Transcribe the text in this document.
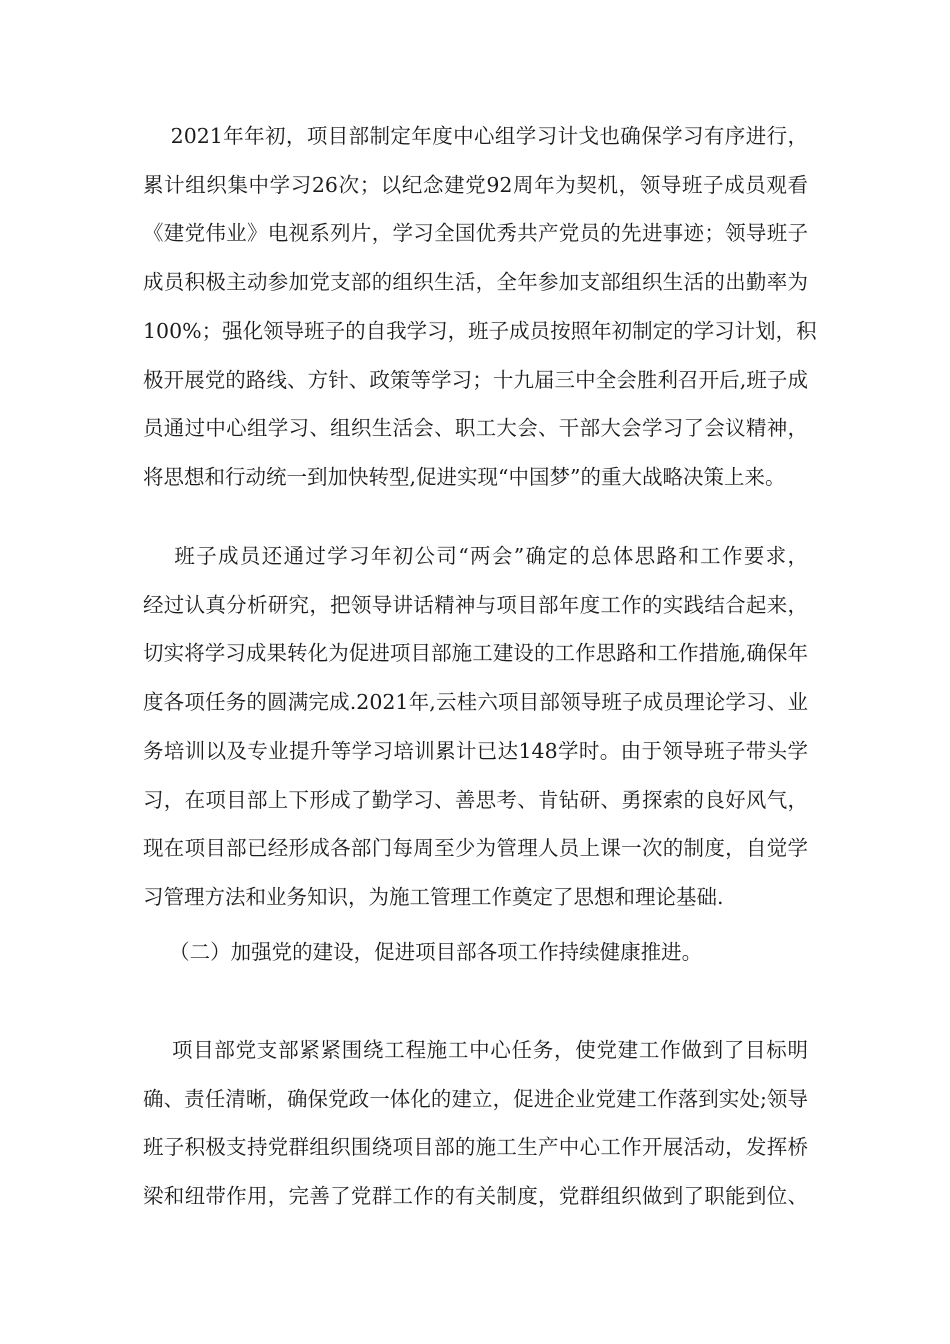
2021年年初，项目部制定年度中心组学习计戈也确保学习有序进行，
累计组织集中学习26次；以纪念建党92周年为契机，领导班子成员观看
《建党伟业》电视系列片，学习全国优秀共产党员的先进事迹；领导班子
成员积极主动参加党支部的组织生活，全年参加支部组织生活的出勤率为
100%；强化领导班子的自我学习，班子成员按照年初制定的学习计划，积
极开展党的路线、方针、政策等学习；十九届三中全会胜利召开后,班子成
员通过中心组学习、组织生活会、职工大会、干部大会学习了会议精神，
将思想和行动统一到加快转型,促进实现“中国梦”的重大战略决策上来。
班子成员还通过学习年初公司“两会”确定的总体思路和工作要求，
经过认真分析研究，把领导讲话精神与项目部年度工作的实践结合起来，
切实将学习成果转化为促进项目部施工建设的工作思路和工作措施,确保年
度各项任务的圆满完成.2021年,云桂六项目部领导班子成员理论学习、业
务培训以及专业提升等学习培训累计已达148学时。由于领导班子带头学
习，在项目部上下形成了勤学习、善思考、肯钻研、勇探索的良好风气，
现在项目部已经形成各部门每周至少为管理人员上课一次的制度，自觉学
习管理方法和业务知识，为施工管理工作奠定了思想和理论基础.
（二）加强党的建设，促进项目部各项工作持续健康推进。
项目部党支部紧紧围绕工程施工中心任务，使党建工作做到了目标明
确、责任清晰，确保党政一体化的建立，促进企业党建工作落到实处;领导
班子积极支持党群组织围绕项目部的施工生产中心工作开展活动，发挥桥
梁和纽带作用，完善了党群工作的有关制度，党群组织做到了职能到位、
